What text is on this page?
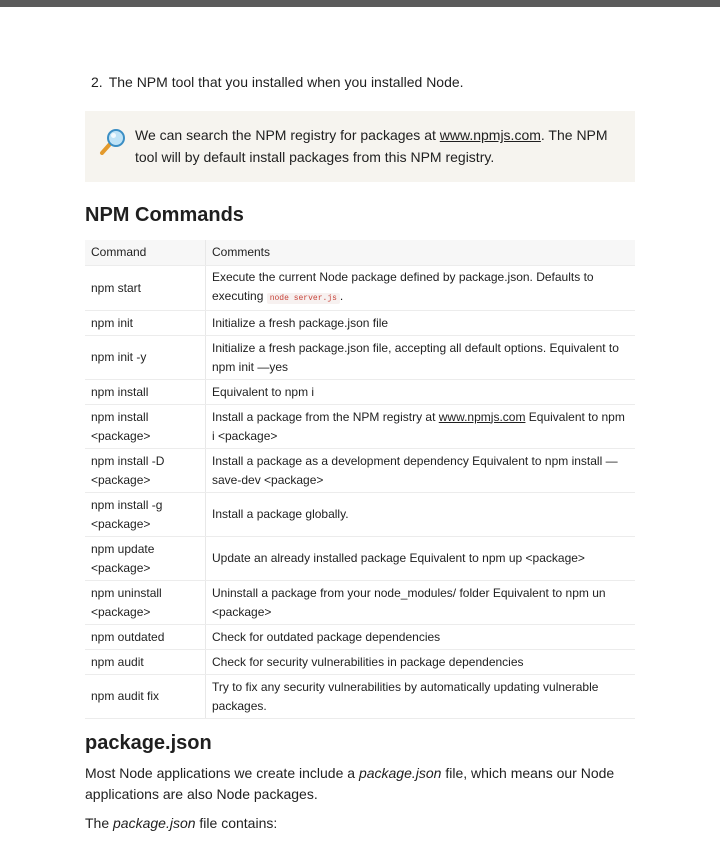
2. The NPM tool that you installed when you installed Node.
We can search the NPM registry for packages at www.npmjs.com. The NPM tool will by default install packages from this NPM registry.
NPM Commands
Command	Comments
npm start	Execute the current Node package defined by package.json. Defaults to executing node server.js .
npm init	Initialize a fresh package.json file
npm init -y	Initialize a fresh package.json file, accepting all default options. Equivalent to npm init —yes
npm install	Equivalent to npm i
npm install <package>	Install a package from the NPM registry at www.npmjs.com Equivalent to npm i <package>
npm install -D <package>	Install a package as a development dependency Equivalent to npm install —save-dev <package>
npm install -g <package>	Install a package globally.
npm update <package>	Update an already installed package Equivalent to npm up <package>
npm uninstall <package>	Uninstall a package from your node_modules/ folder Equivalent to npm un <package>
npm outdated	Check for outdated package dependencies
npm audit	Check for security vulnerabilities in package dependencies
npm audit fix	Try to fix any security vulnerabilities by automatically updating vulnerable packages.
package.json

Most Node applications we create include a package.json file, which means our Node applications are also Node packages.

The package.json file contains:
